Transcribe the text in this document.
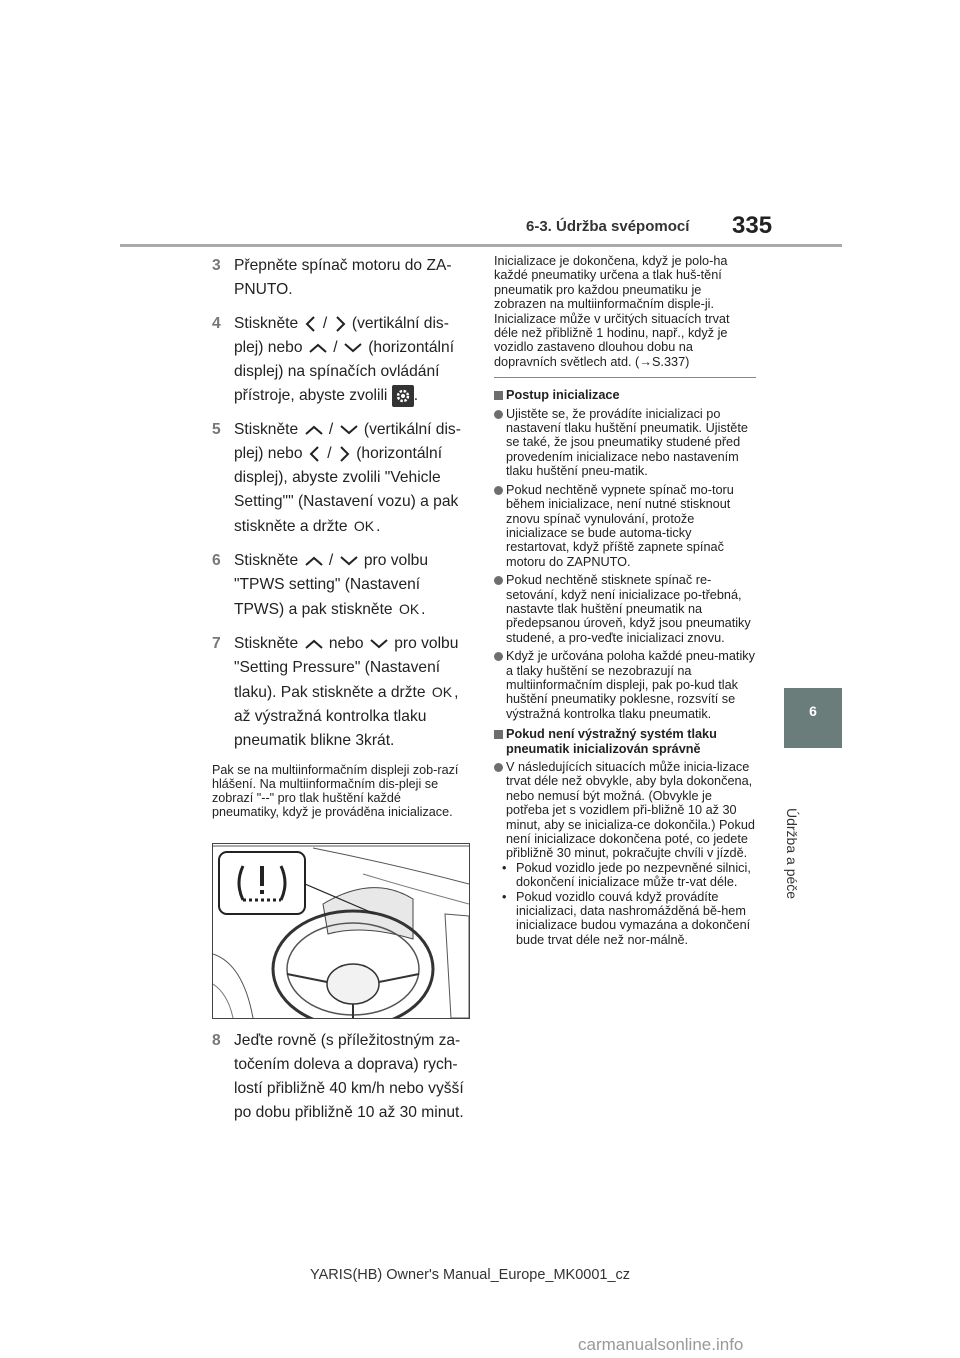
6-3. Údržba svépomocí 335
6
Údržba a péče
3 Přepněte spínač motoru do ZA-PNUTO.
4 Stiskněte / (vertikální dis-plej) nebo / (horizontální displej) na spínačích ovládání přístroje, abyste zvolili .
5 Stiskněte / (vertikální dis-plej) nebo / (horizontální displej), abyste zvolili "Vehicle Setting"" (Nastavení vozu) a pak stiskněte a držte OK .
6 Stiskněte / pro volbu "TPWS setting" (Nastavení TPWS) a pak stiskněte OK .
7 Stiskněte nebo pro volbu "Setting Pressure" (Nastavení tlaku). Pak stiskněte a držte OK , až výstražná kontrolka tlaku pneumatik blikne 3krát.
Pak se na multiinformačním displeji zob-razí hlášení. Na multiinformačním dis-pleji se zobrazí "--" pro tlak huštění každé pneumatiky, když je prováděna inicializace.
8 Jeďte rovně (s příležitostným za-točením doleva a doprava) rych-lostí přibližně 40 km/h nebo vyšší po dobu přibližně 10 až 30 minut.
Inicializace je dokončena, když je polo-ha každé pneumatiky určena a tlak huš-tění pneumatik pro každou pneumatiku je zobrazen na multiinformačním disple-ji. Inicializace může v určitých situacích trvat déle než přibližně 1 hodinu, např., když je vozidlo zastaveno dlouhou dobu na dopravních světlech atd. (→S.337)
Postup inicializace
Ujistěte se, že provádíte inicializaci po nastavení tlaku huštění pneumatik. Ujistěte se také, že jsou pneumatiky studené před provedením inicializace nebo nastavením tlaku huštění pneu-matik.
Pokud nechtěně vypnete spínač mo-toru během inicializace, není nutné stisknout znovu spínač vynulování, protože inicializace se bude automa-ticky restartovat, když příště zapnete spínač motoru do ZAPNUTO.
Pokud nechtěně stisknete spínač re-setování, když není inicializace po-třebná, nastavte tlak huštění pneumatik na předepsanou úroveň, když jsou pneumatiky studené, a pro-veďte inicializaci znovu.
Když je určována poloha každé pneu-matiky a tlaky huštění se nezobrazují na multiinformačním displeji, pak po-kud tlak huštění pneumatiky poklesne, rozsvítí se výstražná kontrolka tlaku pneumatik.
Pokud není výstražný systém tlaku pneumatik inicializován správně
V následujících situacích může inicia-lizace trvat déle než obvykle, aby byla dokončena, nebo nemusí být možná. (Obvykle je potřeba jet s vozidlem při-bližně 10 až 30 minut, aby se inicializa-ce dokončila.) Pokud není inicializace dokončena poté, co jedete přibližně 30 minut, pokračujte chvíli v jízdě.
• Pokud vozidlo jede po nezpevněné silnici, dokončení inicializace může tr-vat déle.
• Pokud vozidlo couvá když provádíte inicializaci, data nashromážděná bě-hem inicializace budou vymazána a dokončení bude trvat déle než nor-málně.
YARIS(HB) Owner's Manual_Europe_MK0001_cz
carmanualsonline.info
